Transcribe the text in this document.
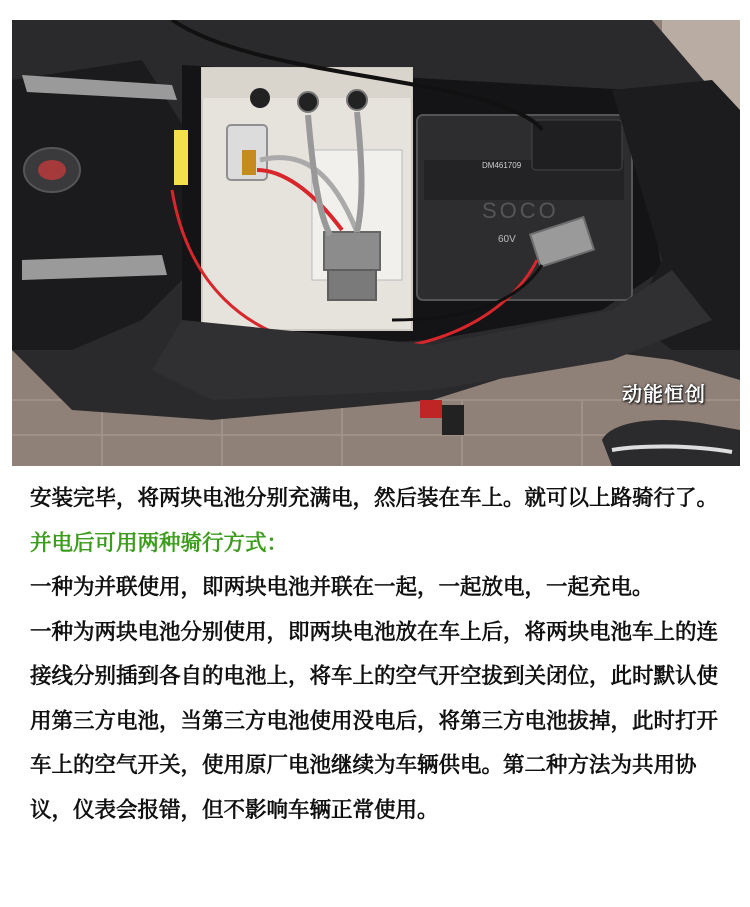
DM461709
SOCO
60V
动能恒创

安装完毕，将两块电池分别充满电，然后装在车上。就可以上路骑行了。

并电后可用两种骑行方式：

一种为并联使用，即两块电池并联在一起，一起放电，一起充电。

一种为两块电池分别使用，即两块电池放在车上后，将两块电池车上的连接线分别插到各自的电池上，将车上的空气开空拔到关闭位，此时默认使用第三方电池，当第三方电池使用没电后，将第三方电池拔掉，此时打开车上的空气开关，使用原厂电池继续为车辆供电。第二种方法为共用协议，仪表会报错，但不影响车辆正常使用。
